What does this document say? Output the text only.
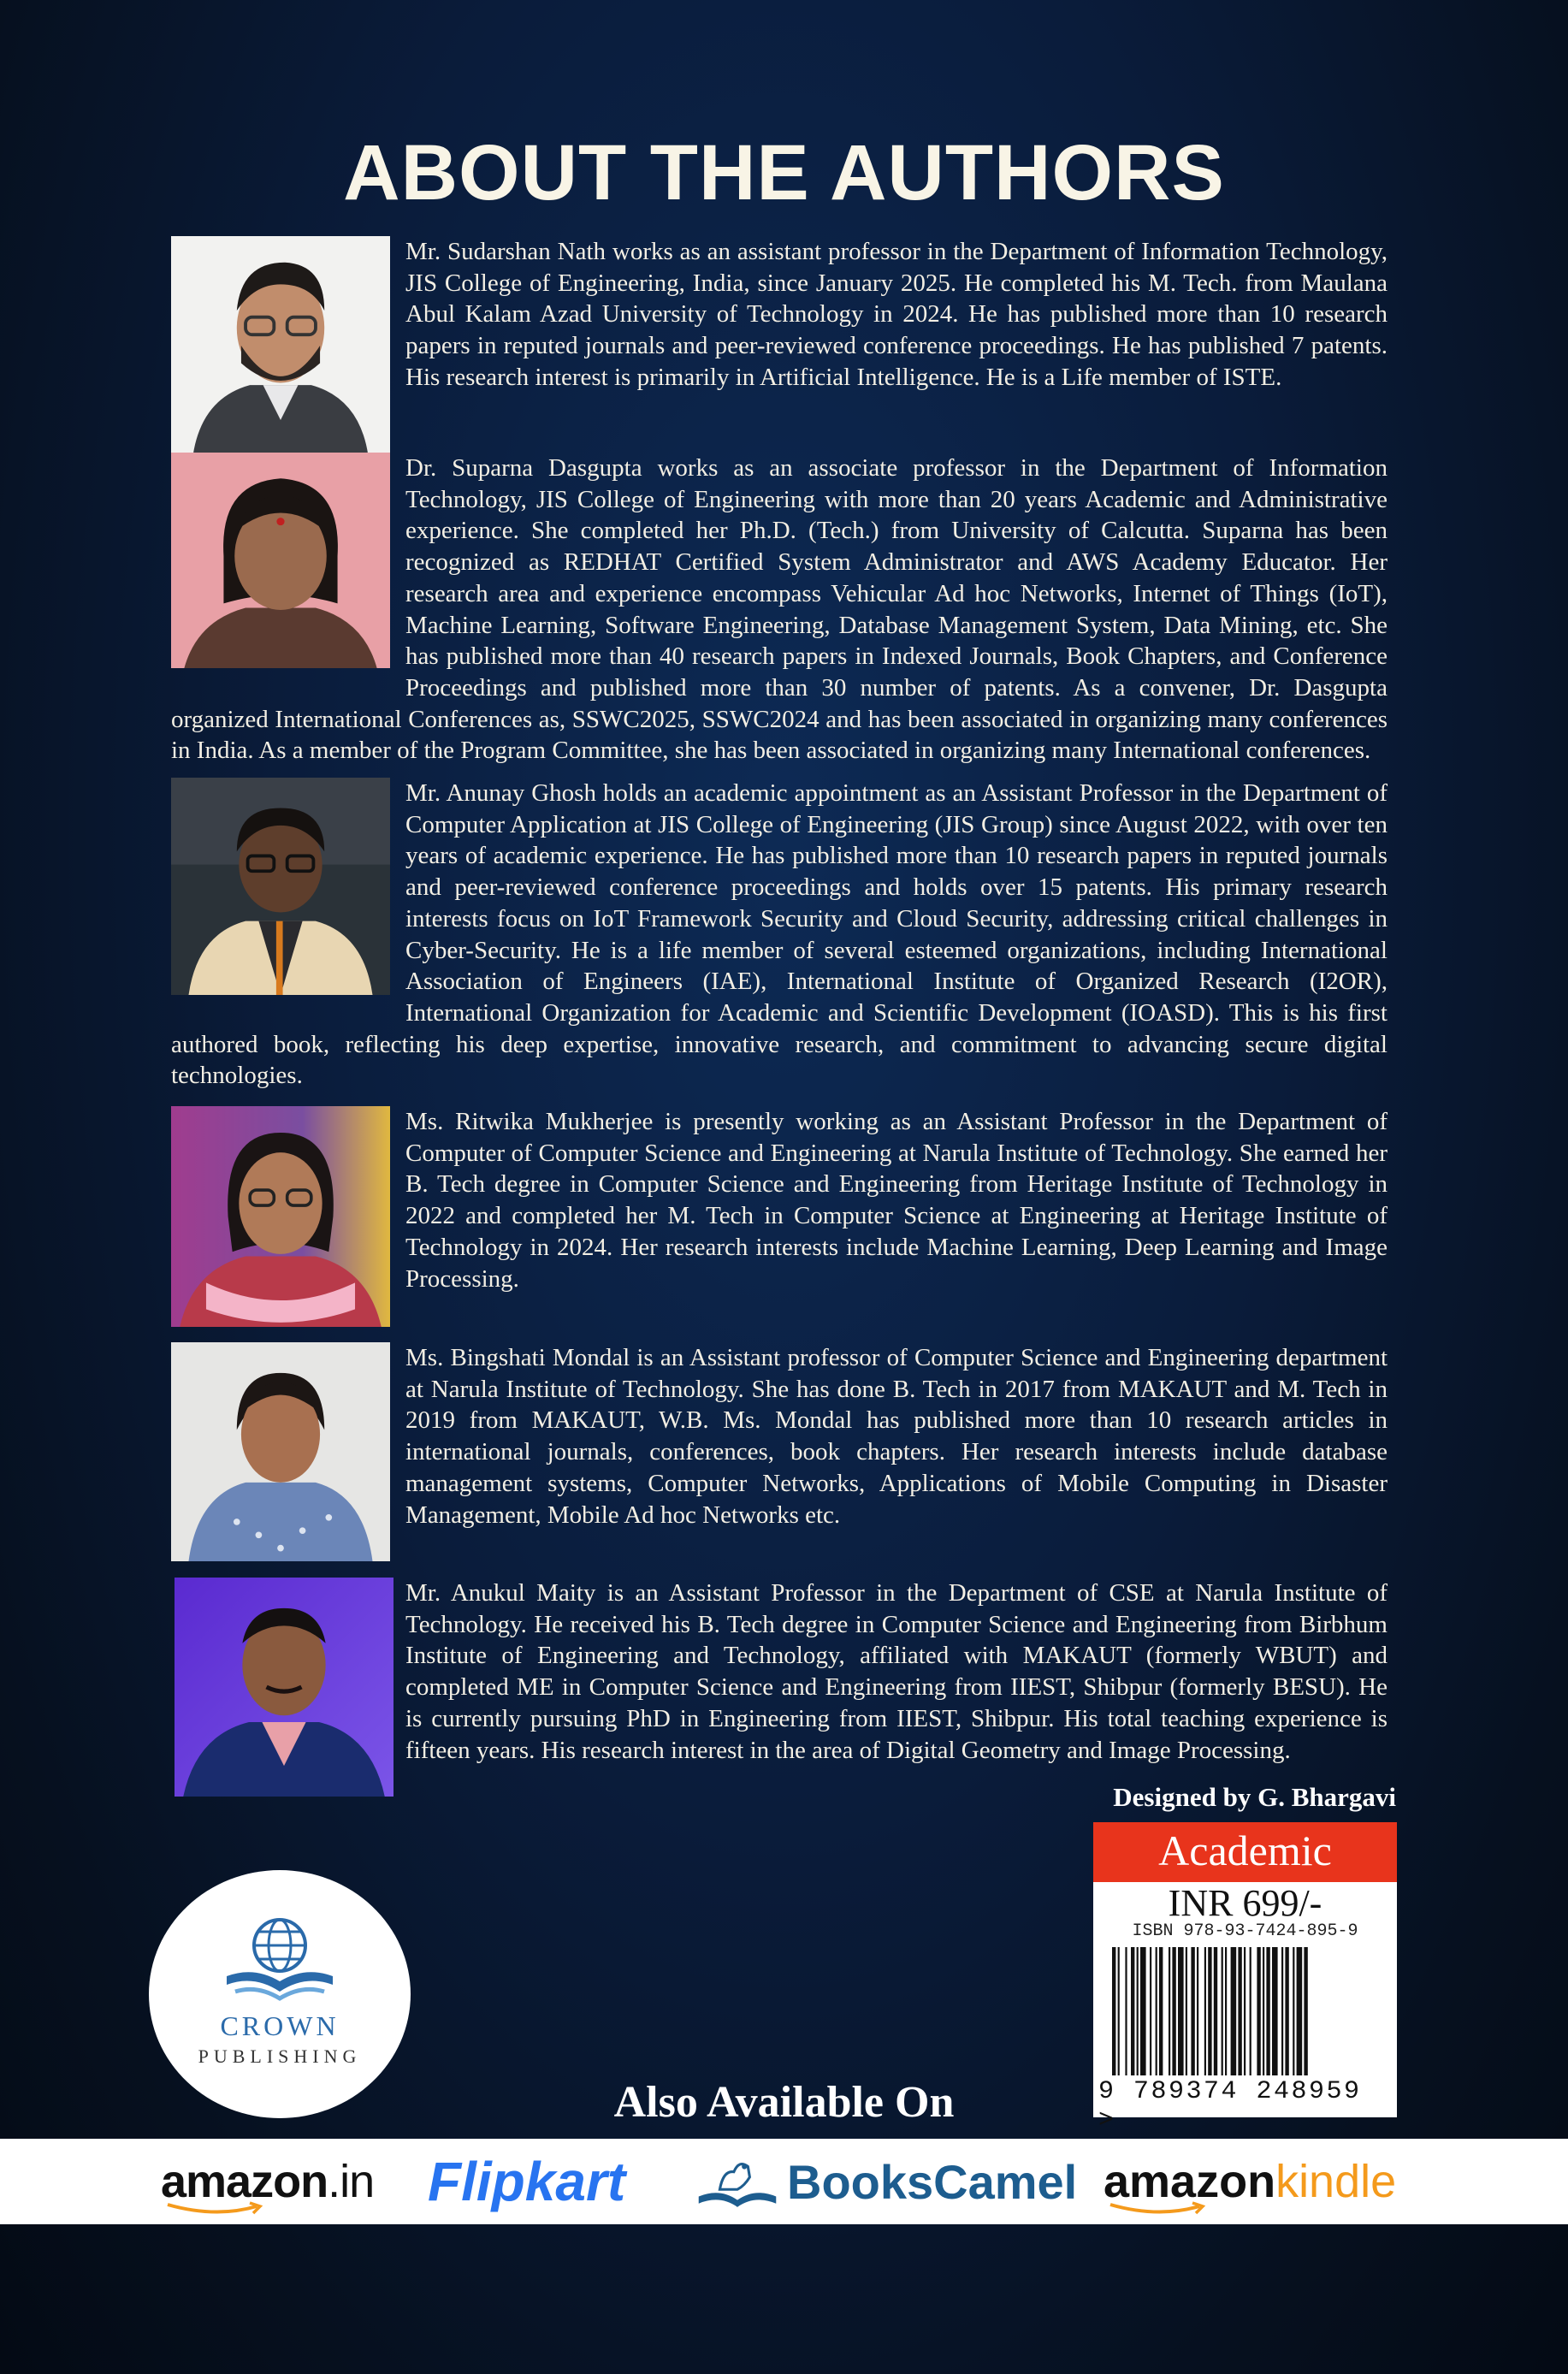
ABOUT THE AUTHORS
Mr. Sudarshan Nath works as an assistant professor in the Department of Information Technology, JIS College of Engineering, India, since January 2025. He completed his M. Tech. from Maulana Abul Kalam Azad University of Technology in 2024. He has published more than 10 research papers in reputed journals and peer-reviewed conference proceedings. He has published 7 patents. His research interest is primarily in Artificial Intelligence. He is a Life member of ISTE.
Dr. Suparna Dasgupta works as an associate professor in the Department of Information Technology, JIS College of Engineering with more than 20 years Academic and Administrative experience. She completed her Ph.D. (Tech.) from University of Calcutta. Suparna has been recognized as REDHAT Certified System Administrator and AWS Academy Educator. Her research area and experience encompass Vehicular Ad hoc Networks, Internet of Things (IoT), Machine Learning, Software Engineering, Database Management System, Data Mining, etc. She has published more than 40 research papers in Indexed Journals, Book Chapters, and Conference Proceedings and published more than 30 number of patents. As a convener, Dr. Dasgupta organized International Conferences as, SSWC2025, SSWC2024 and has been associated in organizing many conferences in India. As a member of the Program Committee, she has been associated in organizing many International conferences.
Mr. Anunay Ghosh holds an academic appointment as an Assistant Professor in the Department of Computer Application at JIS College of Engineering (JIS Group) since August 2022, with over ten years of academic experience. He has published more than 10 research papers in reputed journals and peer-reviewed conference proceedings and holds over 15 patents. His primary research interests focus on IoT Framework Security and Cloud Security, addressing critical challenges in Cyber-Security. He is a life member of several esteemed organizations, including International Association of Engineers (IAE), International Institute of Organized Research (I2OR), International Organization for Academic and Scientific Development (IOASD). This is his first authored book, reflecting his deep expertise, innovative research, and commitment to advancing secure digital technologies.
Ms. Ritwika Mukherjee is presently working as an Assistant Professor in the Department of Computer of Computer Science and Engineering at Narula Institute of Technology. She earned her B. Tech degree in Computer Science and Engineering from Heritage Institute of Technology in 2022 and completed her M. Tech in Computer Science at Engineering at Heritage Institute of Technology in 2024. Her research interests include Machine Learning, Deep Learning and Image Processing.
Ms. Bingshati Mondal is an Assistant professor of Computer Science and Engineering department at Narula Institute of Technology. She has done B. Tech in 2017 from MAKAUT and M. Tech in 2019 from MAKAUT, W.B. Ms. Mondal has published more than 10 research articles in international journals, conferences, book chapters. Her research interests include database management systems, Computer Networks, Applications of Mobile Computing in Disaster Management, Mobile Ad hoc Networks etc.
Mr. Anukul Maity is an Assistant Professor in the Department of CSE at Narula Institute of Technology. He received his B. Tech degree in Computer Science and Engineering from Birbhum Institute of Engineering and Technology, affiliated with MAKAUT (formerly WBUT) and completed ME in Computer Science and Engineering from IIEST, Shibpur (formerly BESU). He is currently pursuing PhD in Engineering from IIEST, Shibpur. His total teaching experience is fifteen years. His research interest in the area of Digital Geometry and Image Processing.
Designed by G. Bhargavi
Academic
INR 699/-
ISBN 978-93-7424-895-9
9 789374 248959 >
CROWN
PUBLISHING
Also Available On
amazon.in Flipkart	BooksCamel amazonkindle
